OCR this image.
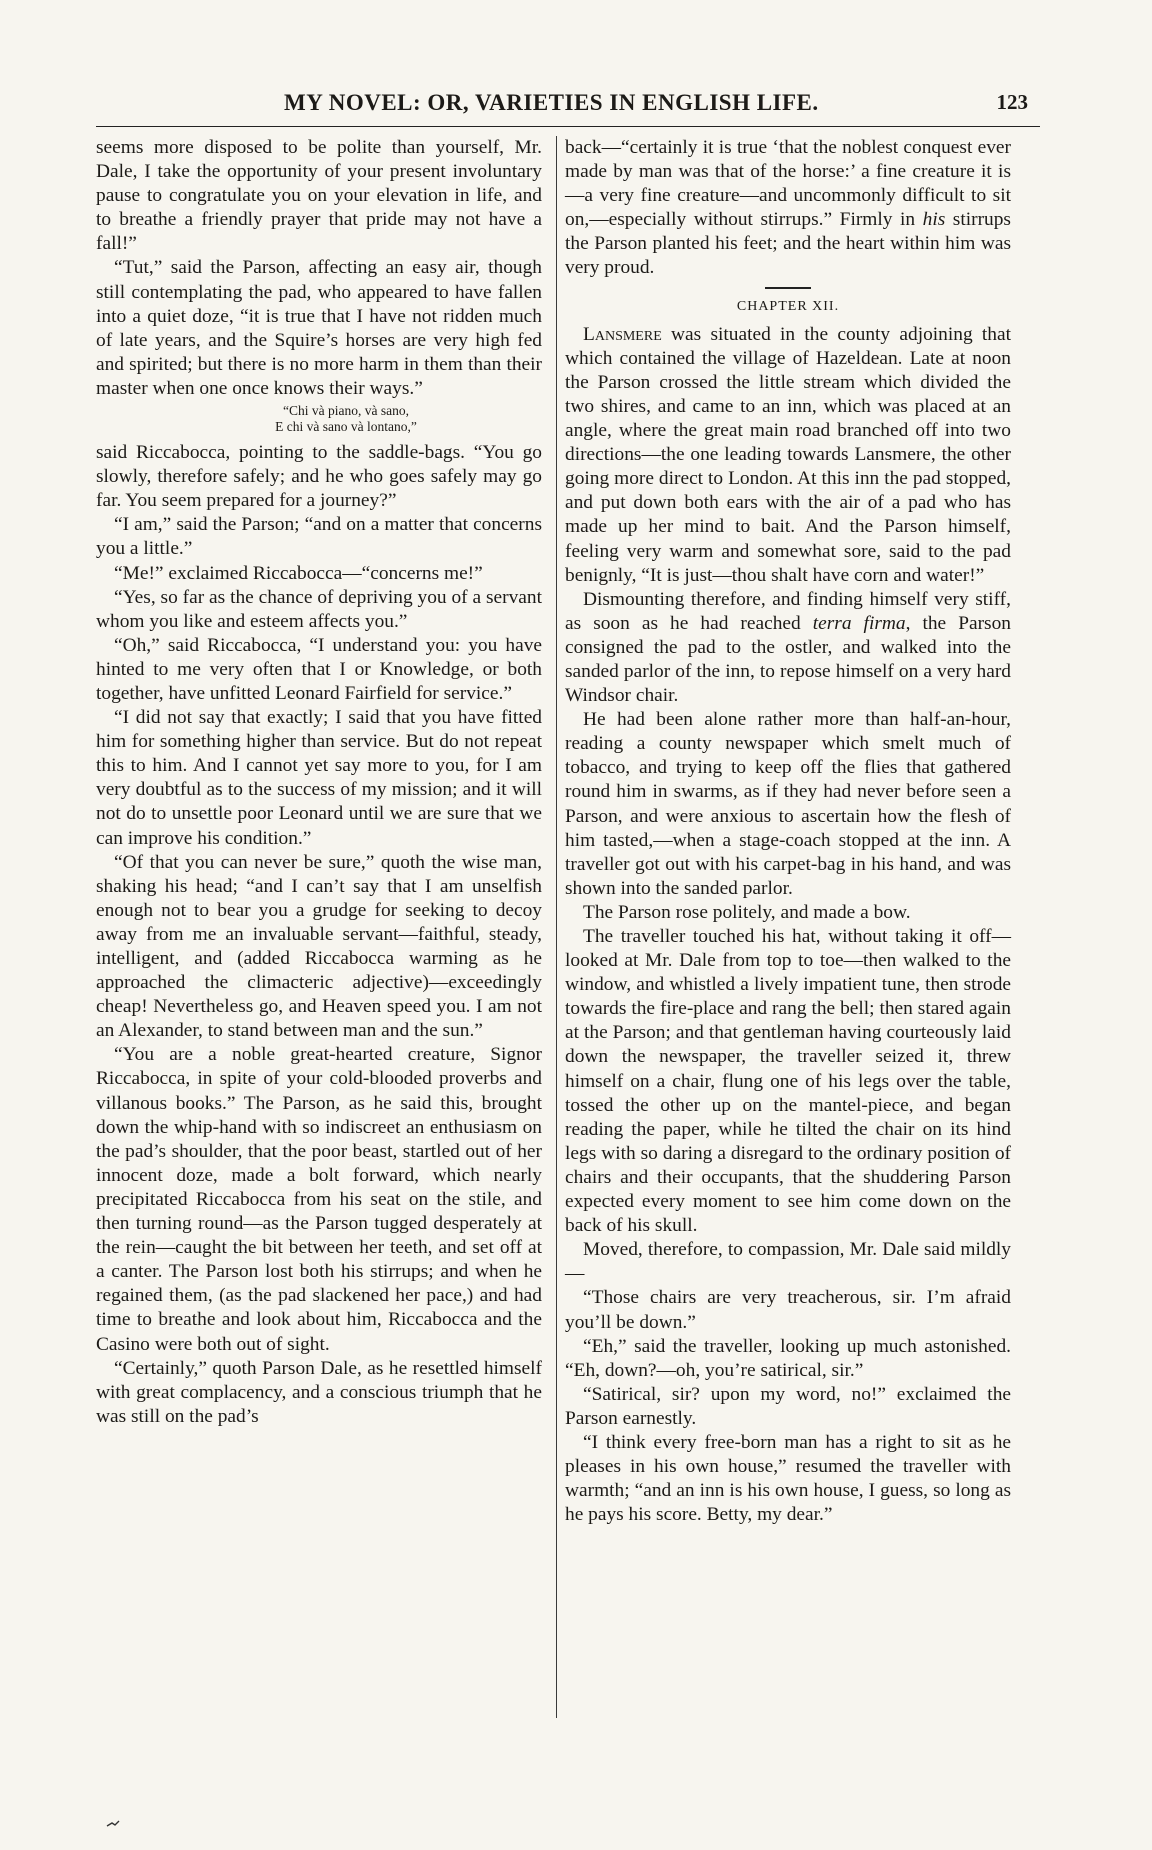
MY NOVEL: OR, VARIETIES IN ENGLISH LIFE.	123

seems more disposed to be polite than yourself, Mr. Dale, I take the opportunity of your present involuntary pause to congratulate you on your elevation in life, and to breathe a friendly prayer that pride may not have a fall!”

“Tut,” said the Parson, affecting an easy air, though still contemplating the pad, who appeared to have fallen into a quiet doze, “it is true that I have not ridden much of late years, and the Squire’s horses are very high fed and spirited; but there is no more harm in them than their master when one once knows their ways.”

“Chi và piano, và sano,
E chi và sano và lontano,”

said Riccabocca, pointing to the saddle-bags. “You go slowly, therefore safely; and he who goes safely may go far. You seem prepared for a journey?”

“I am,” said the Parson; “and on a matter that concerns you a little.”

“Me!” exclaimed Riccabocca—“concerns me!”

“Yes, so far as the chance of depriving you of a servant whom you like and esteem affects you.”

“Oh,” said Riccabocca, “I understand you: you have hinted to me very often that I or Knowledge, or both together, have unfitted Leonard Fairfield for service.”

“I did not say that exactly; I said that you have fitted him for something higher than service. But do not repeat this to him. And I cannot yet say more to you, for I am very doubtful as to the success of my mission; and it will not do to unsettle poor Leonard until we are sure that we can improve his condition.”

“Of that you can never be sure,” quoth the wise man, shaking his head; “and I can’t say that I am unselfish enough not to bear you a grudge for seeking to decoy away from me an invaluable servant—faithful, steady, intelligent, and (added Riccabocca warming as he approached the climacteric adjective)—exceedingly cheap! Nevertheless go, and Heaven speed you. I am not an Alexander, to stand between man and the sun.”

“You are a noble great-hearted creature, Signor Riccabocca, in spite of your cold-blooded proverbs and villanous books.” The Parson, as he said this, brought down the whip-hand with so indiscreet an enthusiasm on the pad’s shoulder, that the poor beast, startled out of her innocent doze, made a bolt forward, which nearly precipitated Riccabocca from his seat on the stile, and then turning round—as the Parson tugged desperately at the rein—caught the bit between her teeth, and set off at a canter. The Parson lost both his stirrups; and when he regained them, (as the pad slackened her pace,) and had time to breathe and look about him, Riccabocca and the Casino were both out of sight.

“Certainly,” quoth Parson Dale, as he resettled himself with great complacency, and a conscious triumph that he was still on the pad’s

back—“certainly it is true ‘that the noblest conquest ever made by man was that of the horse:’ a fine creature it is—a very fine creature—and uncommonly difficult to sit on,—especially without stirrups.” Firmly in his stirrups the Parson planted his feet; and the heart within him was very proud.

CHAPTER XII.

Lansmere was situated in the county adjoining that which contained the village of Hazeldean. Late at noon the Parson crossed the little stream which divided the two shires, and came to an inn, which was placed at an angle, where the great main road branched off into two directions—the one leading towards Lansmere, the other going more direct to London. At this inn the pad stopped, and put down both ears with the air of a pad who has made up her mind to bait. And the Parson himself, feeling very warm and somewhat sore, said to the pad benignly, “It is just—thou shalt have corn and water!”

Dismounting therefore, and finding himself very stiff, as soon as he had reached terra firma, the Parson consigned the pad to the ostler, and walked into the sanded parlor of the inn, to repose himself on a very hard Windsor chair.

He had been alone rather more than half-an-hour, reading a county newspaper which smelt much of tobacco, and trying to keep off the flies that gathered round him in swarms, as if they had never before seen a Parson, and were anxious to ascertain how the flesh of him tasted,—when a stage-coach stopped at the inn. A traveller got out with his carpet-bag in his hand, and was shown into the sanded parlor.

The Parson rose politely, and made a bow.

The traveller touched his hat, without taking it off—looked at Mr. Dale from top to toe—then walked to the window, and whistled a lively impatient tune, then strode towards the fire-place and rang the bell; then stared again at the Parson; and that gentleman having courteously laid down the newspaper, the traveller seized it, threw himself on a chair, flung one of his legs over the table, tossed the other up on the mantel-piece, and began reading the paper, while he tilted the chair on its hind legs with so daring a disregard to the ordinary position of chairs and their occupants, that the shuddering Parson expected every moment to see him come down on the back of his skull.

Moved, therefore, to compassion, Mr. Dale said mildly—

“Those chairs are very treacherous, sir. I’m afraid you’ll be down.”

“Eh,” said the traveller, looking up much astonished. “Eh, down?—oh, you’re satirical, sir.”

“Satirical, sir? upon my word, no!” exclaimed the Parson earnestly.

“I think every free-born man has a right to sit as he pleases in his own house,” resumed the traveller with warmth; “and an inn is his own house, I guess, so long as he pays his score. Betty, my dear.”
